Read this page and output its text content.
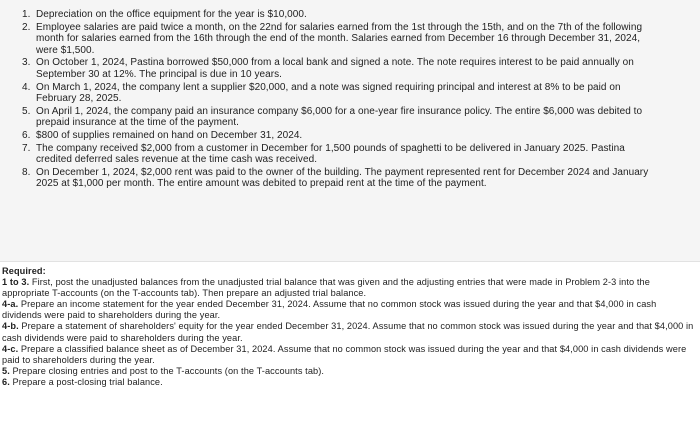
1. Depreciation on the office equipment for the year is $10,000.
2. Employee salaries are paid twice a month, on the 22nd for salaries earned from the 1st through the 15th, and on the 7th of the following month for salaries earned from the 16th through the end of the month. Salaries earned from December 16 through December 31, 2024, were $1,500.
3. On October 1, 2024, Pastina borrowed $50,000 from a local bank and signed a note. The note requires interest to be paid annually on September 30 at 12%. The principal is due in 10 years.
4. On March 1, 2024, the company lent a supplier $20,000, and a note was signed requiring principal and interest at 8% to be paid on February 28, 2025.
5. On April 1, 2024, the company paid an insurance company $6,000 for a one-year fire insurance policy. The entire $6,000 was debited to prepaid insurance at the time of the payment.
6. $800 of supplies remained on hand on December 31, 2024.
7. The company received $2,000 from a customer in December for 1,500 pounds of spaghetti to be delivered in January 2025. Pastina credited deferred sales revenue at the time cash was received.
8. On December 1, 2024, $2,000 rent was paid to the owner of the building. The payment represented rent for December 2024 and January 2025 at $1,000 per month. The entire amount was debited to prepaid rent at the time of the payment.

Required:

1 to 3. First, post the unadjusted balances from the unadjusted trial balance that was given and the adjusting entries that were made in Problem 2-3 into the appropriate T-accounts (on the T-accounts tab). Then prepare an adjusted trial balance.

4-a. Prepare an income statement for the year ended December 31, 2024. Assume that no common stock was issued during the year and that $4,000 in cash dividends were paid to shareholders during the year.

4-b. Prepare a statement of shareholders' equity for the year ended December 31, 2024. Assume that no common stock was issued during the year and that $4,000 in cash dividends were paid to shareholders during the year.

4-c. Prepare a classified balance sheet as of December 31, 2024. Assume that no common stock was issued during the year and that $4,000 in cash dividends were paid to shareholders during the year.

5. Prepare closing entries and post to the T-accounts (on the T-accounts tab).

6. Prepare a post-closing trial balance.
